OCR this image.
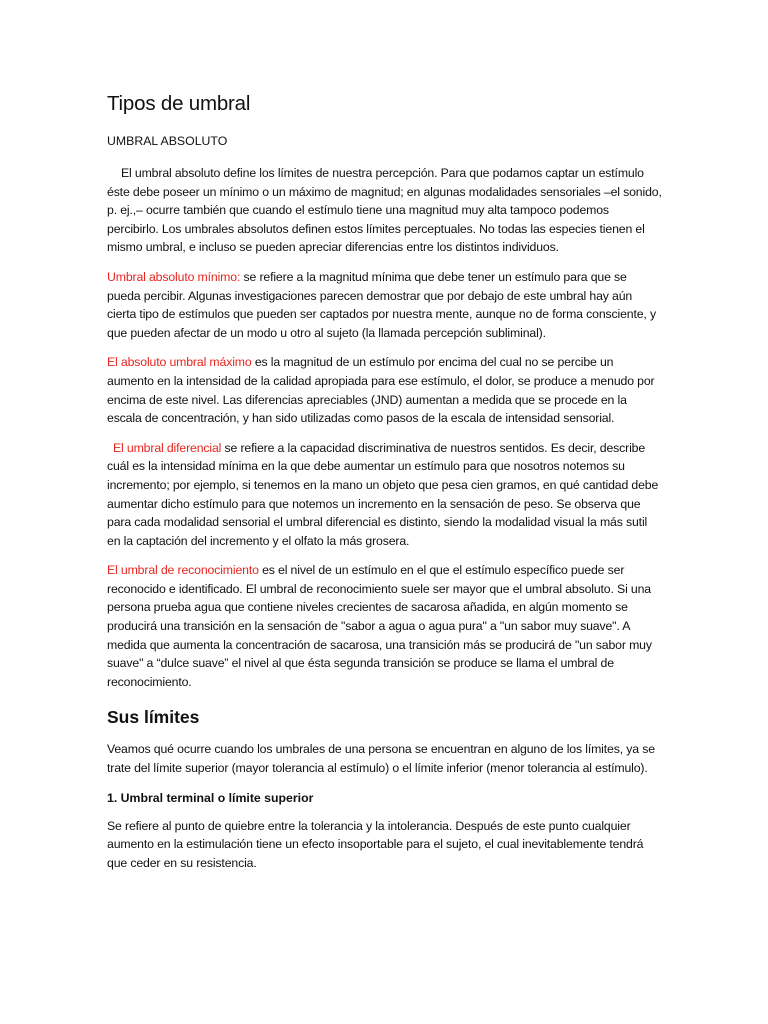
Tipos de umbral
UMBRAL ABSOLUTO

El umbral absoluto define los límites de nuestra percepción. Para que podamos captar un estímulo éste debe poseer un mínimo o un máximo de magnitud; en algunas modalidades sensoriales –el sonido, p. ej.,– ocurre también que cuando el estímulo tiene una magnitud muy alta tampoco podemos percibirlo. Los umbrales absolutos definen estos límites perceptuales. No todas las especies tienen el mismo umbral, e incluso se pueden apreciar diferencias entre los distintos individuos.

Umbral absoluto mínimo: se refiere a la magnitud mínima que debe tener un estímulo para que se pueda percibir. Algunas investigaciones parecen demostrar que por debajo de este umbral hay aún cierta tipo de estímulos que pueden ser captados por nuestra mente, aunque no de forma consciente, y que pueden afectar de un modo u otro al sujeto (la llamada percepción subliminal).

El absoluto umbral máximo es la magnitud de un estímulo por encima del cual no se percibe un aumento en la intensidad de la calidad apropiada para ese estímulo, el dolor, se produce a menudo por encima de este nivel. Las diferencias apreciables (JND) aumentan a medida que se procede en la escala de concentración, y han sido utilizadas como pasos de la escala de intensidad sensorial.

El umbral diferencial se refiere a la capacidad discriminativa de nuestros sentidos. Es decir, describe cuál es la intensidad mínima en la que debe aumentar un estímulo para que nosotros notemos su incremento; por ejemplo, si tenemos en la mano un objeto que pesa cien gramos, en qué cantidad debe aumentar dicho estímulo para que notemos un incremento en la sensación de peso. Se observa que para cada modalidad sensorial el umbral diferencial es distinto, siendo la modalidad visual la más sutil en la captación del incremento y el olfato la más grosera.

El umbral de reconocimiento es el nivel de un estímulo en el que el estímulo específico puede ser reconocido e identificado. El umbral de reconocimiento suele ser mayor que el umbral absoluto. Si una persona prueba agua que contiene niveles crecientes de sacarosa añadida, en algún momento se producirá una transición en la sensación de "sabor a agua o agua pura" a "un sabor muy suave". A medida que aumenta la concentración de sacarosa, una transición más se producirá de "un sabor muy suave" a “dulce suave” el nivel al que ésta segunda transición se produce se llama el umbral de reconocimiento.

Sus límites

Veamos qué ocurre cuando los umbrales de una persona se encuentran en alguno de los límites, ya se trate del límite superior (mayor tolerancia al estímulo) o el límite inferior (menor tolerancia al estímulo).

1. Umbral terminal o límite superior
Se refiere al punto de quiebre entre la tolerancia y la intolerancia. Después de este punto cualquier aumento en la estimulación tiene un efecto insoportable para el sujeto, el cual inevitablemente tendrá que ceder en su resistencia.
